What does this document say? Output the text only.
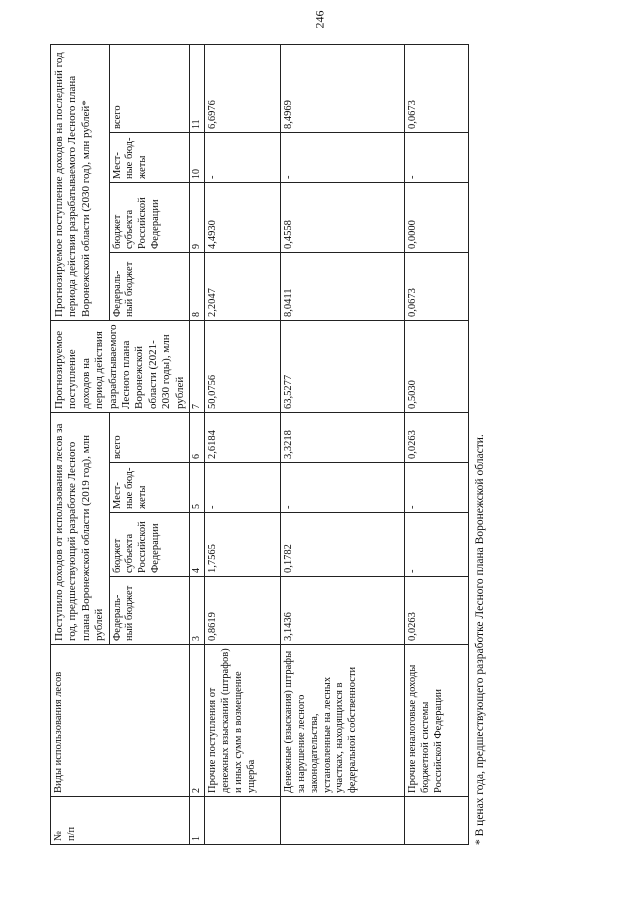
246
№
п/п	Виды использования лесов	Поступило доходов от использования лесов за год, предшествующий разработке Лесного плана Воронежской области (2019 год), млн рублей				Прогнозируемое поступление доходов на период действия разрабатываемого Лесного плана Воронежской области (2021-2030 годы), млн рублей	Прогнозируемое поступление доходов на последний год периода действия разрабатываемого Лесного плана Воронежской области (2030 год), млн рублей*			
		Федераль-ный бюджет	бюджет субъекта Российской Федерации	Мест-ные бюд-жеты	всего		Федераль-ный бюджет	бюджет субъекта Российской Федерации	Мест-ные бюд-жеты	всего

1	2	3	4	5	6	7	8	9	10	11
	Прочие поступления от денежных взысканий (штрафов) и иных сумм в возмещение ущерба	0,8619	1,7565	-	2,6184	50,0756	2,2047	4,4930	-	6,6976
	Денежные (взыскания) штрафы за нарушение лесного законодательства, установленные на лесных участках, находящихся в федеральной собственности	3,1436	0,1782	-	3,3218	63,5277	8,0411	0,4558	-	8,4969
	Прочие неналоговые доходы бюджетной системы Российской Федерации	0,0263	-	-	0,0263	0,5030	0,0673	0,0000	-	0,0673
* В ценах года, предшествующего разработке Лесного плана Воронежской области.
